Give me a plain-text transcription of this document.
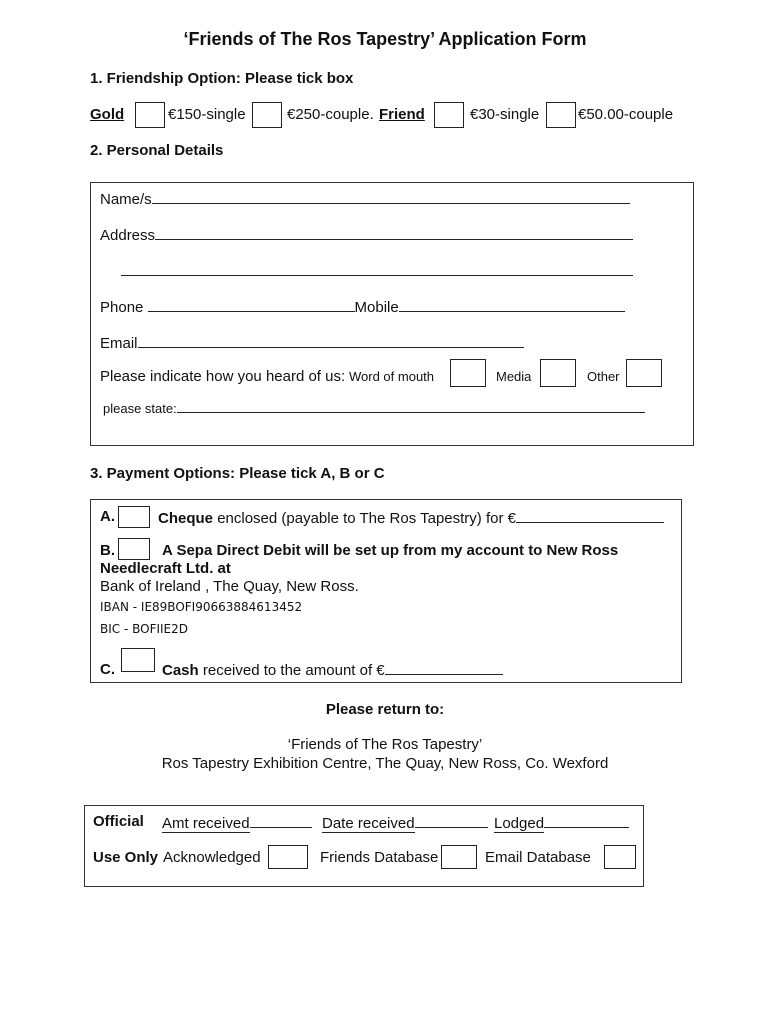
‘Friends of The Ros Tapestry’ Application Form
1. Friendship Option: Please tick box
Gold	€150-single	€250-couple. Friend	€30-single	€50.00-couple
2. Personal Details
Name/s
Address
Phone	Mobile
Email
Please indicate how you heard of us: Word of mouth	Media	Other
please state:
3. Payment Options: Please tick A, B or C
A.	Cheque enclosed (payable to The Ros Tapestry) for €
B.	A Sepa Direct Debit will be set up from my account to New Ross
Needlecraft Ltd. at
Bank of Ireland , The Quay, New Ross.
IBAN - IE89BOFI90663884613452
BIC - BOFIIE2D
C.	Cash received to the amount of €
Please return to:
‘Friends of The Ros Tapestry’
Ros Tapestry Exhibition Centre, The Quay, New Ross, Co. Wexford
Official Amt received	Date received	Lodged
Use Only Acknowledged	Friends Database	Email Database
